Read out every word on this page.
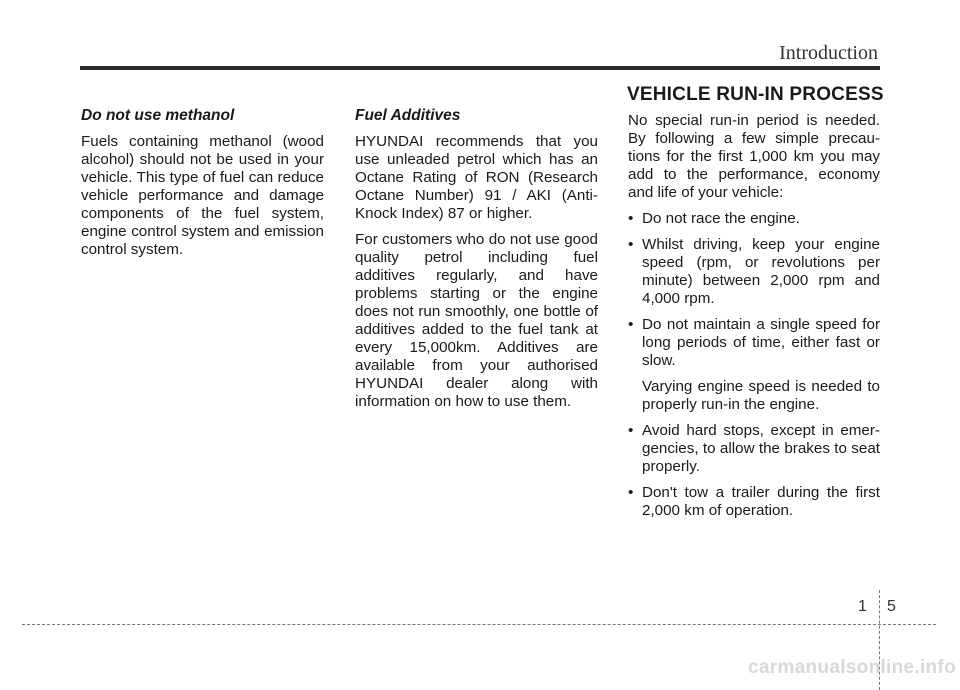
Introduction
Do not use methanol

Fuels containing methanol (wood alcohol) should not be used in your vehicle. This type of fuel can reduce vehicle performance and damage components of the fuel system, engine control system and emission control system.

Fuel Additives

HYUNDAI recommends that you use unleaded petrol which has an Octane Rating of RON (Research Octane Number) 91 / AKI (Anti-Knock Index) 87 or higher.

For customers who do not use good quality petrol including fuel additives regularly, and have problems starting or the engine does not run smoothly, one bottle of additives added to the fuel tank at every 15,000km. Additives are available from your authorised HYUNDAI dealer along with information on how to use them.

VEHICLE RUN-IN PROCESS

No special run-in period is needed. By following a few simple precau-tions for the first 1,000 km you may add to the performance, economy and life of your vehicle:

• Do not race the engine.
• Whilst driving, keep your engine speed (rpm, or revolutions per minute) between 2,000 rpm and 4,000 rpm.
• Do not maintain a single speed for long periods of time, either fast or slow.
Varying engine speed is needed to properly run-in the engine.
• Avoid hard stops, except in emer-gencies, to allow the brakes to seat properly.
• Don't tow a trailer during the first 2,000 km of operation.
1 5
carmanualsonline.info
